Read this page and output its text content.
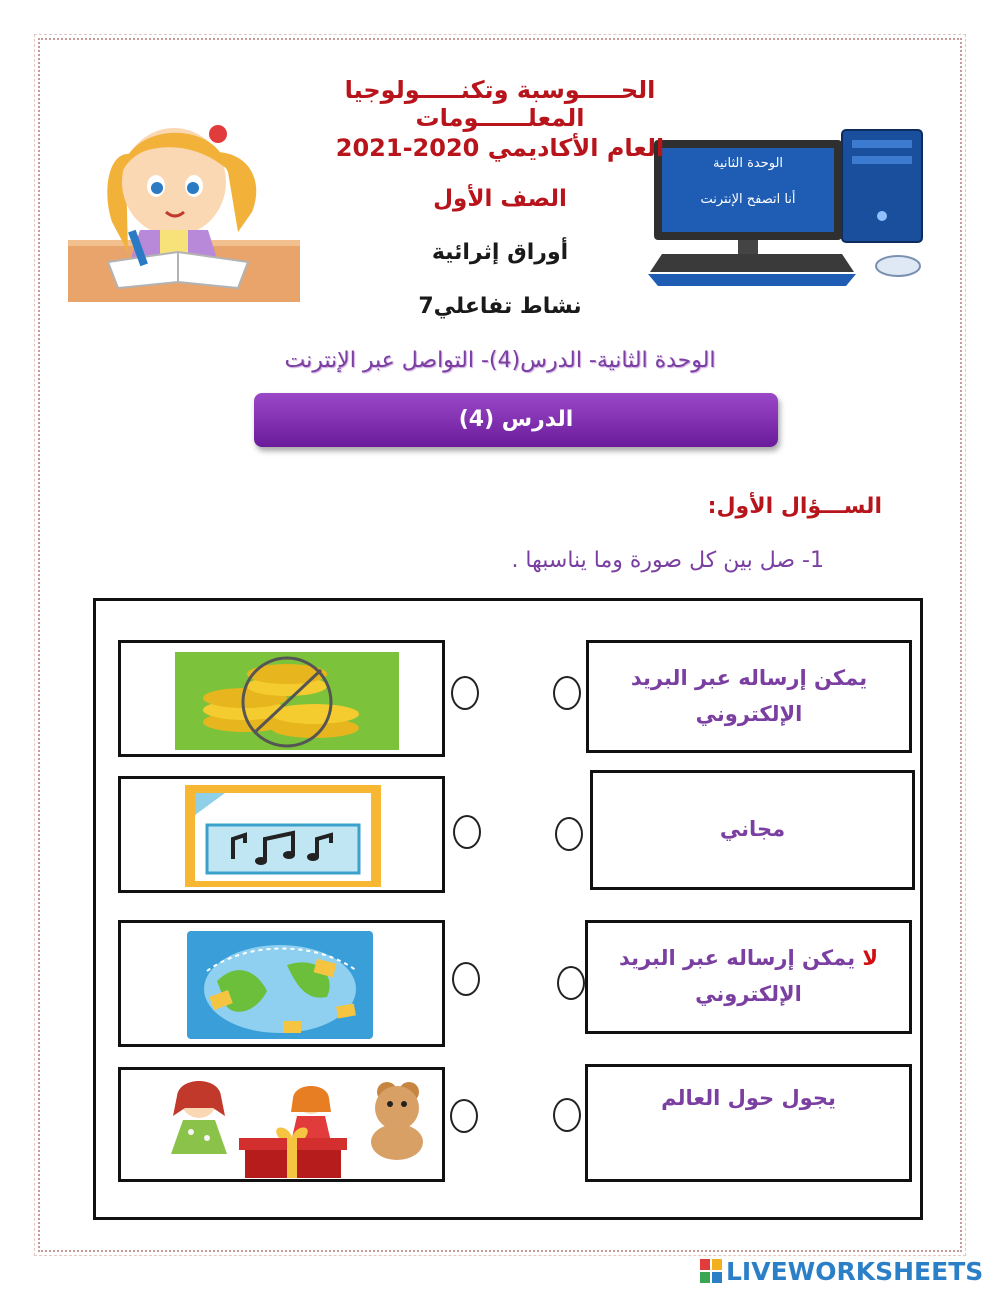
الوحدة الثانية
أنا اتصفح الإنترنت
الحـــــوسبة وتكنـــــولوجيا المعلــــــومات
العام الأكاديمي 2020-2021
الصف الأول
أوراق إثرائية
نشاط تفاعلي7
الوحدة الثانية- الدرس(4)- التواصل عبر الإنترنت
الدرس (4)
الســـؤال الأول:
1- صل بين كل صورة وما يناسبها .
يمكن إرساله عبر البريد الإلكتروني
مجاني
لا يمكن إرساله عبر البريد الإلكتروني
يجول حول العالم
LIVEWORKSHEETS
